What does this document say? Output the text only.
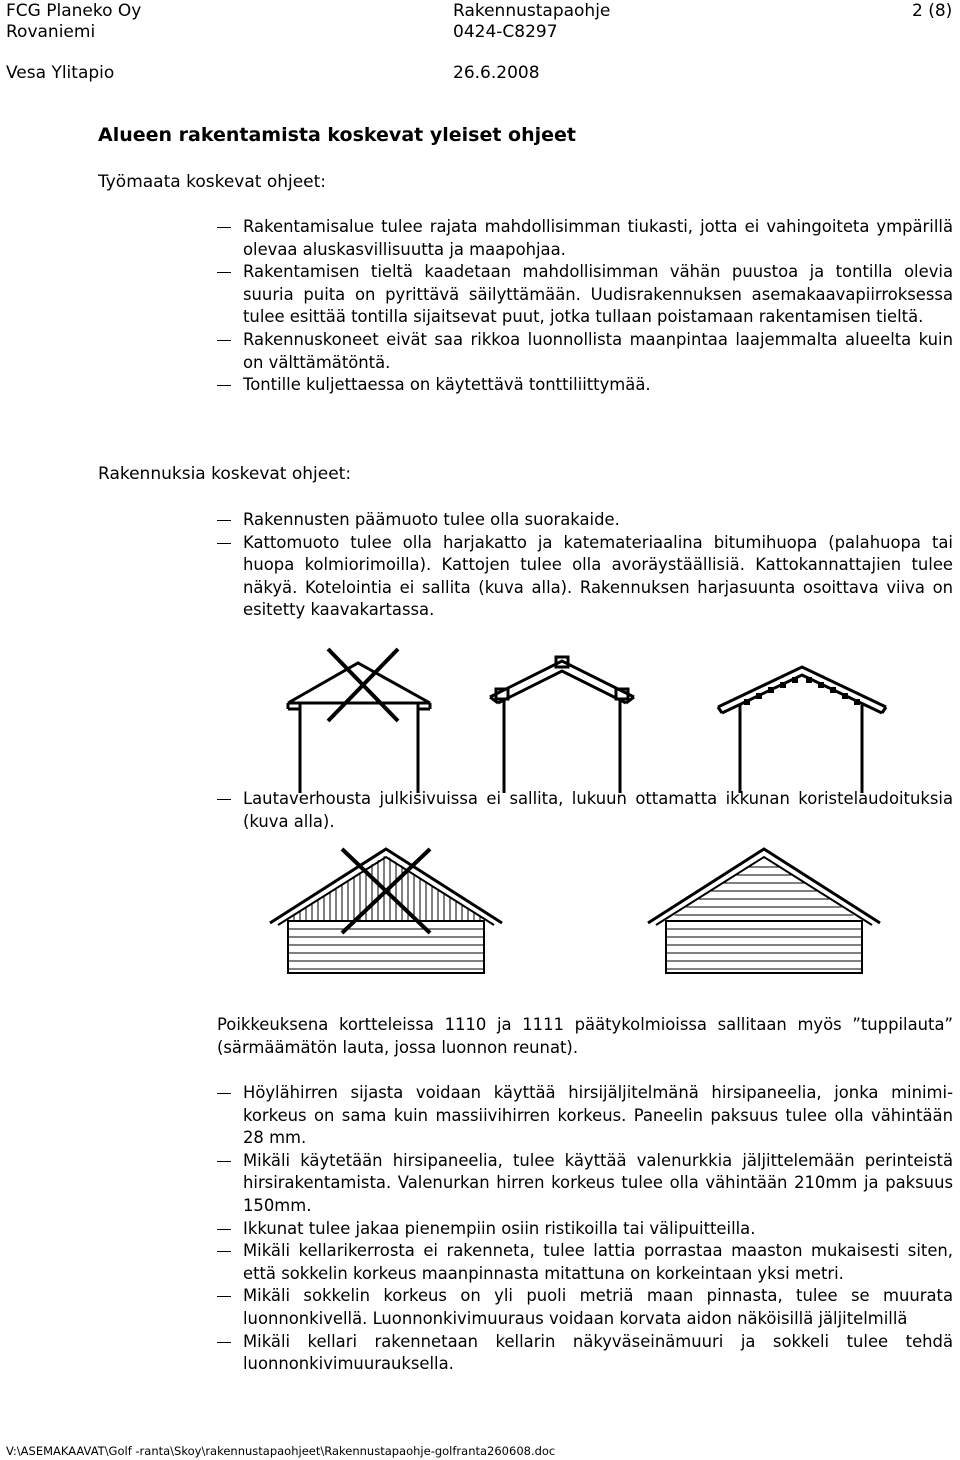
FCG Planeko Oy
Rovaniemi
Vesa Ylitapio
Rakennustapaohje
0424-C8297
26.6.2008
2 (8)
Alueen rakentamista koskevat yleiset ohjeet
Työmaata koskevat ohjeet:
Rakentamisalue tulee rajata mahdollisimman tiukasti, jotta ei vahingoiteta ympärillä olevaa aluskasvillisuutta ja maapohjaa.
Rakentamisen tieltä kaadetaan mahdollisimman vähän puustoa ja tontilla olevia suuria puita on pyrittävä säilyttämään. Uudisrakennuksen asemakaavapiirroksessa tulee esittää tontilla sijaitsevat puut, jotka tullaan poistamaan rakentamisen tieltä.
Rakennuskoneet eivät saa rikkoa luonnollista maanpintaa laajemmalta alueelta kuin on välttämätöntä.
Tontille kuljettaessa on käytettävä tonttiliittymää.
Rakennuksia koskevat ohjeet:
Rakennusten päämuoto tulee olla suorakaide.
Kattomuoto tulee olla harjakatto ja katemateriaalina bitumihuopa (palahuopa tai huopa kolmiorimoilla). Kattojen tulee olla avoräystäällisiä. Kattokannattajien tulee näkyä. Kotelointia ei sallita (kuva alla). Rakennuksen harjasuunta osoittava viiva on esitetty kaavakartassa.
Lautaverhousta julkisivuissa ei sallita, lukuun ottamatta ikkunan koristelaudoituksia (kuva alla).
Poikkeuksena kortteleissa 1110 ja 1111 päätykolmioissa sallitaan myös ”tuppilauta” (särmäämätön lauta, jossa luonnon reunat).
Höylähirren sijasta voidaan käyttää hirsijäljitelmänä hirsipaneelia, jonka minimi-korkeus on sama kuin massiivihirren korkeus. Paneelin paksuus tulee olla vähintään 28 mm.
Mikäli käytetään hirsipaneelia, tulee käyttää valenurkkia jäljittelemään perinteistä hirsirakentamista. Valenurkan hirren korkeus tulee olla vähintään 210mm ja paksuus 150mm.
Ikkunat tulee jakaa pienempiin osiin ristikoilla tai välipuitteilla.
Mikäli kellarikerrosta ei rakenneta, tulee lattia porrastaa maaston mukaisesti siten, että sokkelin korkeus maanpinnasta mitattuna on korkeintaan yksi metri.
Mikäli sokkelin korkeus on yli puoli metriä maan pinnasta, tulee se muurata luonnonkivellä. Luonnonkivimuuraus voidaan korvata aidon näköisillä jäljitelmillä
Mikäli kellari rakennetaan kellarin näkyväseinämuuri ja sokkeli tulee tehdä luonnonkivimuurauksella.
V:\ASEMAKAAVAT\Golf -ranta\Skoy\rakennustapaohjeet\Rakennustapaohje-golfranta260608.doc
